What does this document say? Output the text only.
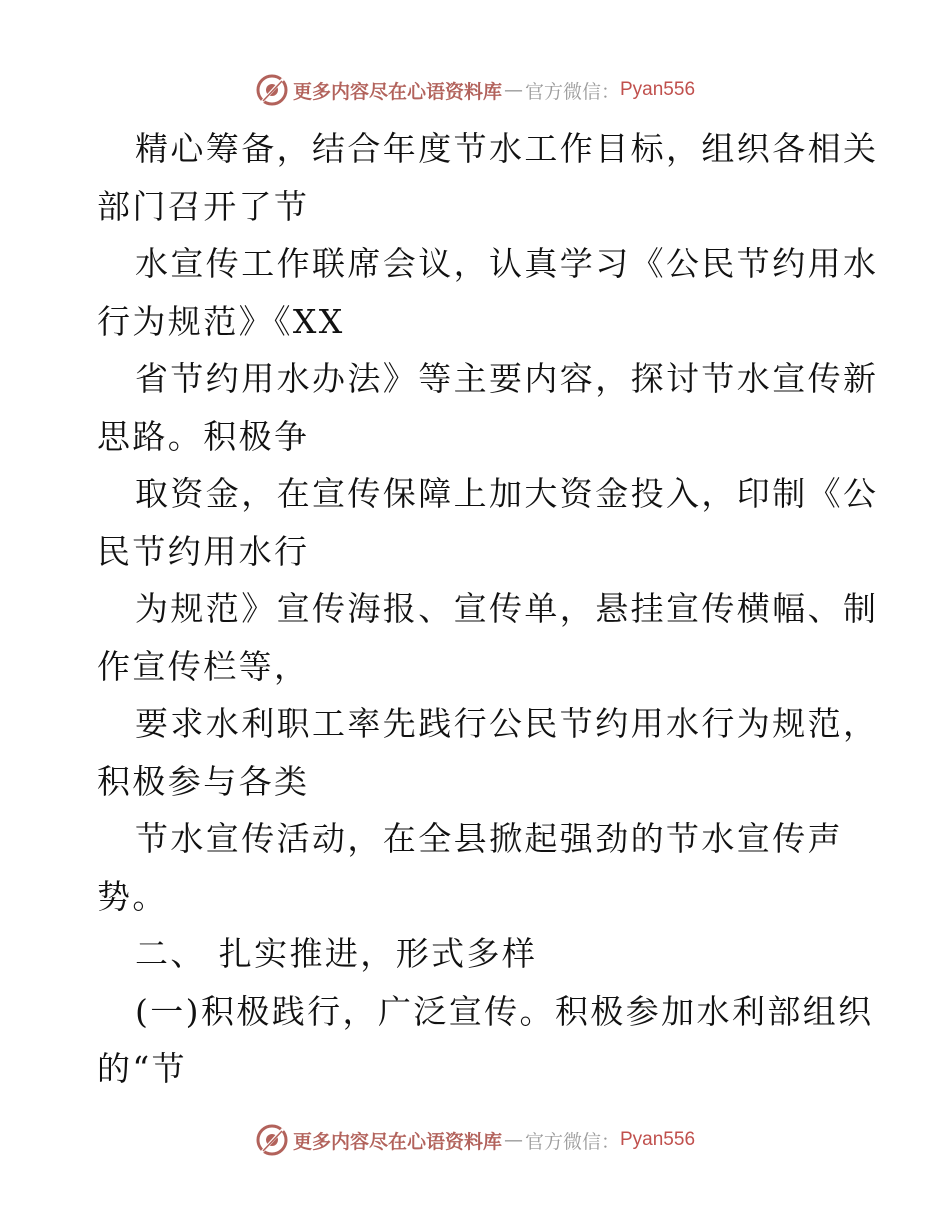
更多内容尽在心语资料库 — 官方微信： Pyan556
精心筹备，结合年度节水工作目标，组织各相关
部门召开了节
水宣传工作联席会议，认真学习《公民节约用水
行为规范》《XX
省节约用水办法》等主要内容，探讨节水宣传新
思路。积极争
取资金，在宣传保障上加大资金投入，印制《公
民节约用水行
为规范》宣传海报、宣传单，悬挂宣传横幅、制
作宣传栏等，
要求水利职工率先践行公民节约用水行为规范，
积极参与各类
节水宣传活动，在全县掀起强劲的节水宣传声
势。
二、 扎实推进，形式多样
(一)积极践行，广泛宣传。积极参加水利部组织
的“节
更多内容尽在心语资料库 — 官方微信： Pyan556
